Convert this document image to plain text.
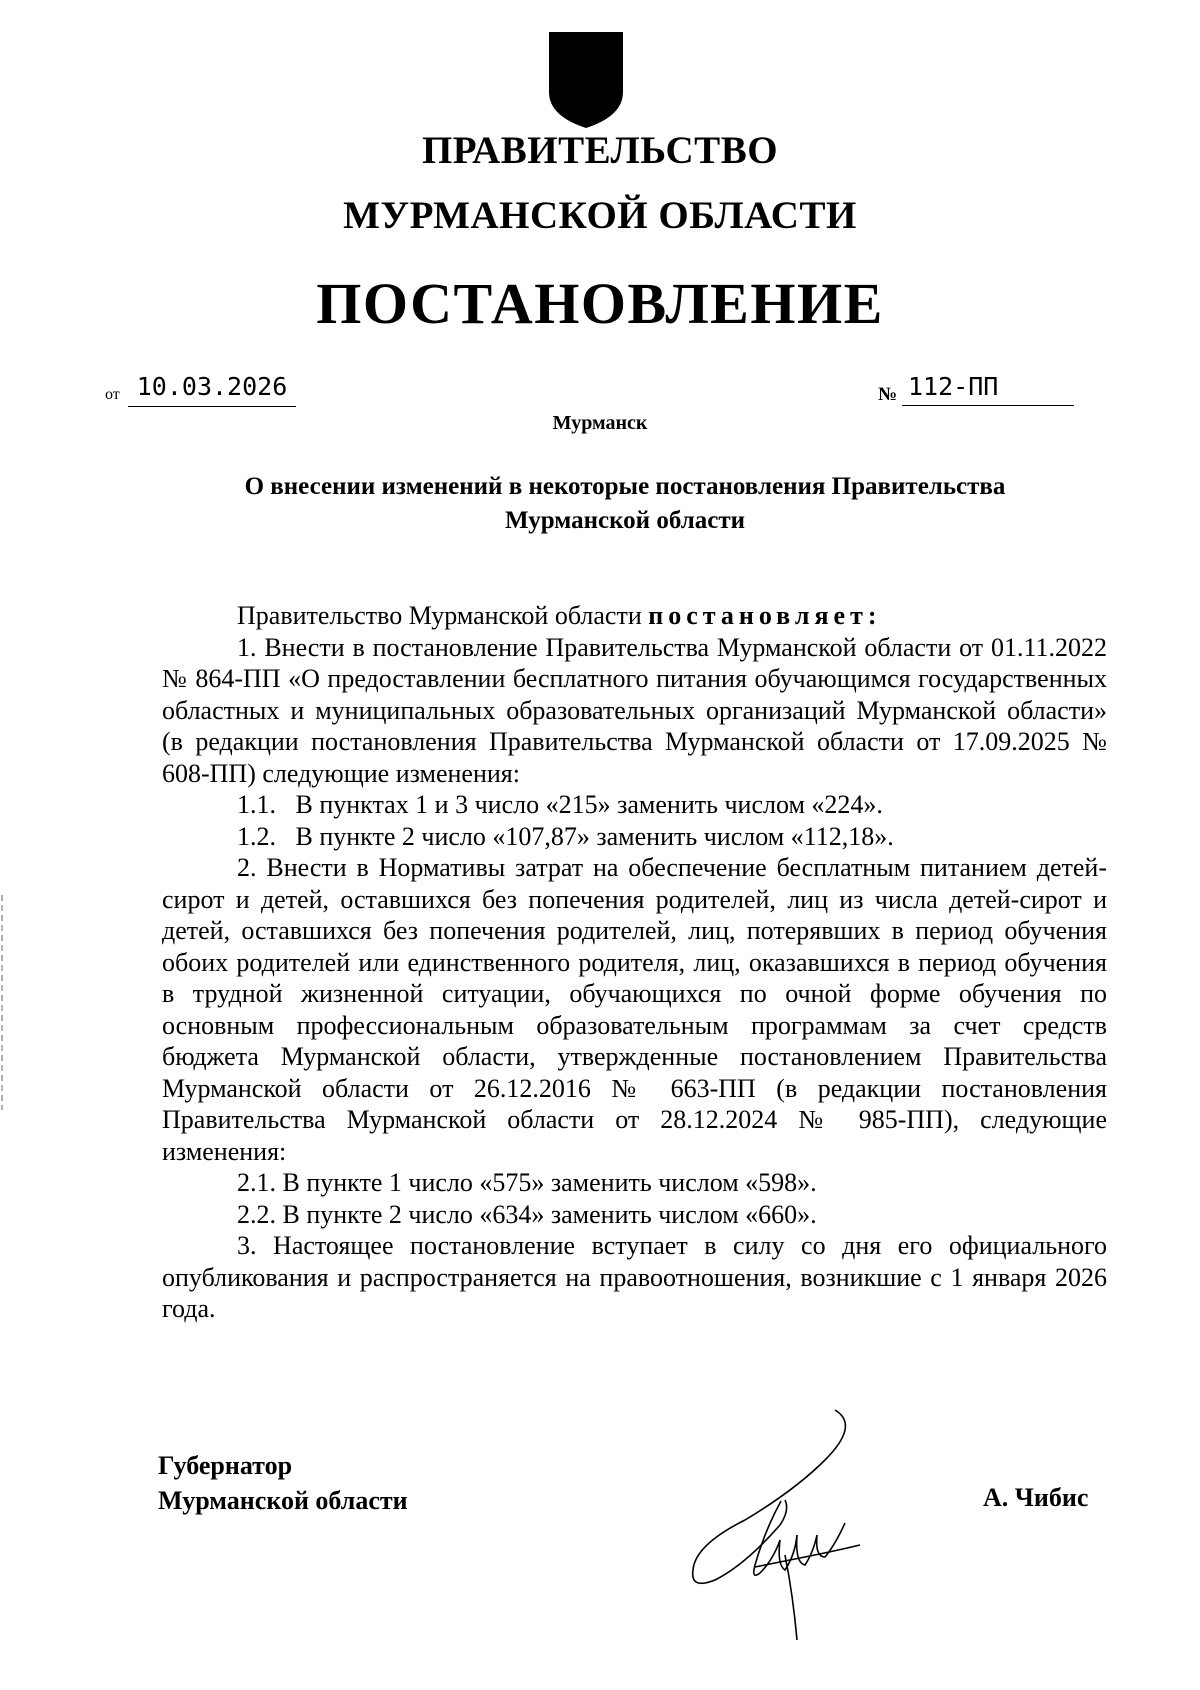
ПРАВИТЕЛЬСТВО
МУРМАНСКОЙ ОБЛАСТИ
ПОСТАНОВЛЕНИЕ
от 10.03.2026	№ 112-ПП
Мурманск
О внесении изменений в некоторые постановления Правительства
Мурманской области

Правительство Мурманской области постановляет:

1. Внести в постановление Правительства Мурманской области от 01.11.2022 № 864-ПП «О предоставлении бесплатного питания обучающимся государственных областных и муниципальных образовательных организаций Мурманской области» (в редакции постановления Правительства Мурманской области от 17.09.2025 № 608-ПП) следующие изменения:

1.1.   В пунктах 1 и 3 число «215» заменить числом «224».

1.2.   В пункте 2 число «107,87» заменить числом «112,18».

2. Внести в Нормативы затрат на обеспечение бесплатным питанием детей-сирот и детей, оставшихся без попечения родителей, лиц из числа детей-сирот и детей, оставшихся без попечения родителей, лиц, потерявших в период обучения обоих родителей или единственного родителя, лиц, оказавшихся в период обучения в трудной жизненной ситуации, обучающихся по очной форме обучения по основным профессиональным образовательным программам за счет средств бюджета Мурманской области, утвержденные постановлением Правительства Мурманской области от 26.12.2016 № 663-ПП (в редакции постановления Правительства Мурманской области от 28.12.2024 № 985-ПП), следующие изменения:

2.1. В пункте 1 число «575» заменить числом «598».

2.2. В пункте 2 число «634» заменить числом «660».

3. Настоящее постановление вступает в силу со дня его официального опубликования и распространяется на правоотношения, возникшие с 1 января 2026 года.

Губернатор
Мурманской области	А. Чибис
